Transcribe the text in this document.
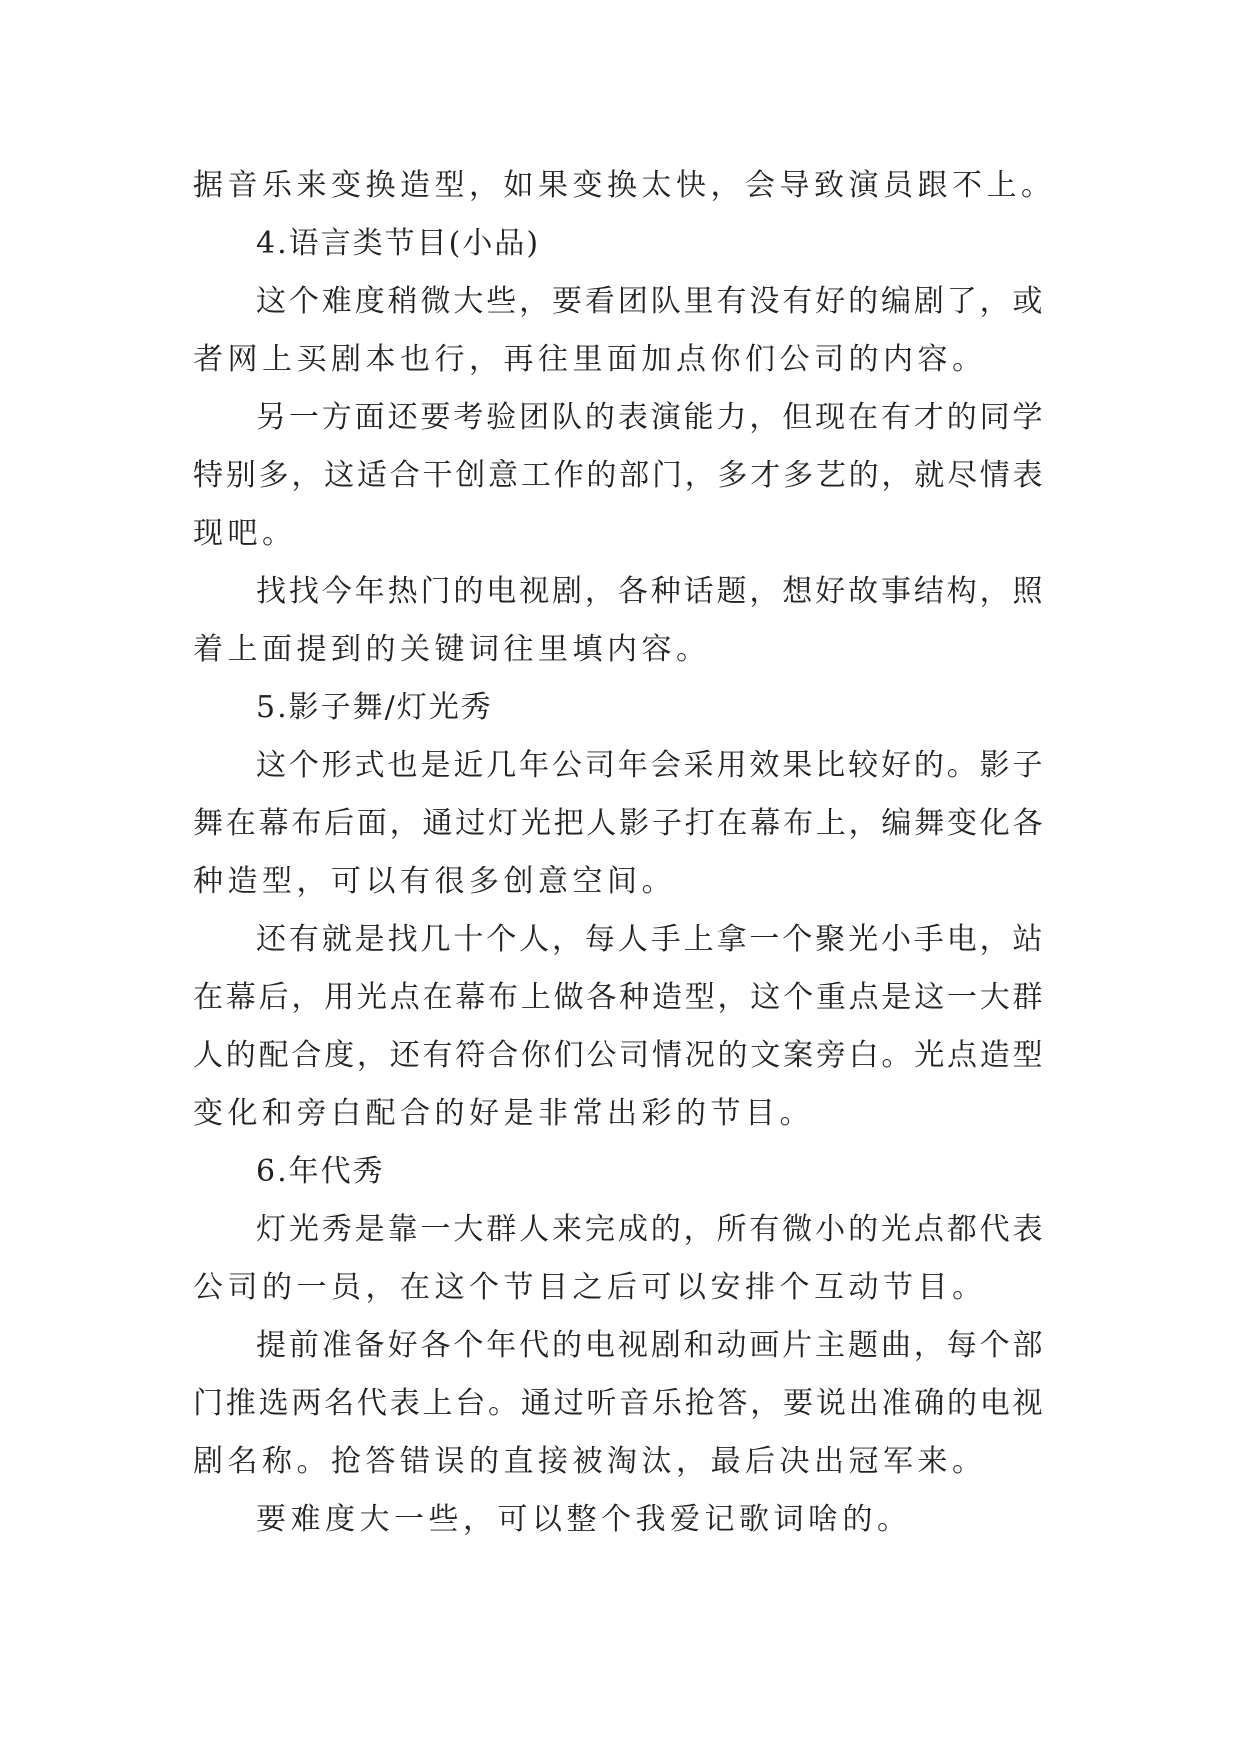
据音乐来变换造型，如果变换太快，会导致演员跟不上。
4.语言类节目(小品)
这个难度稍微大些，要看团队里有没有好的编剧了，或
者网上买剧本也行，再往里面加点你们公司的内容。
另一方面还要考验团队的表演能力，但现在有才的同学
特别多，这适合干创意工作的部门，多才多艺的，就尽情表
现吧。
找找今年热门的电视剧，各种话题，想好故事结构，照
着上面提到的关键词往里填内容。
5.影子舞/灯光秀
这个形式也是近几年公司年会采用效果比较好的。影子
舞在幕布后面，通过灯光把人影子打在幕布上，编舞变化各
种造型，可以有很多创意空间。
还有就是找几十个人，每人手上拿一个聚光小手电，站
在幕后，用光点在幕布上做各种造型，这个重点是这一大群
人的配合度，还有符合你们公司情况的文案旁白。光点造型
变化和旁白配合的好是非常出彩的节目。
6.年代秀
灯光秀是靠一大群人来完成的，所有微小的光点都代表
公司的一员，在这个节目之后可以安排个互动节目。
提前准备好各个年代的电视剧和动画片主题曲，每个部
门推选两名代表上台。通过听音乐抢答，要说出准确的电视
剧名称。抢答错误的直接被淘汰，最后决出冠军来。
要难度大一些，可以整个我爱记歌词啥的。
